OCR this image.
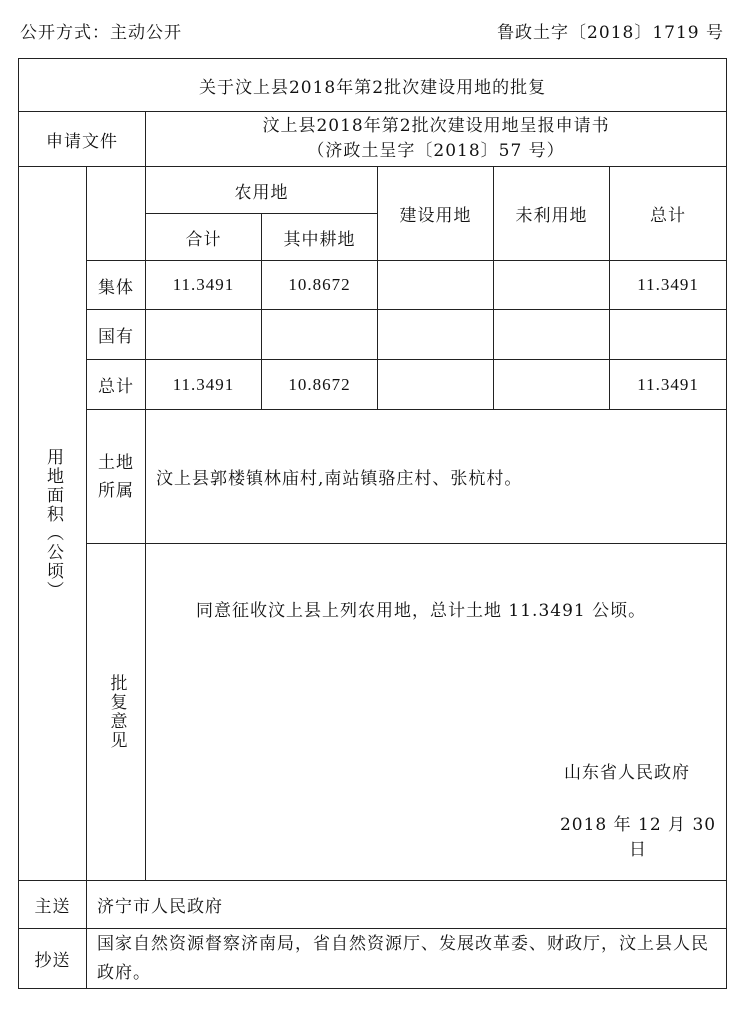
公开方式：主动公开	鲁政土字〔2018〕1719 号
关于汶上县2018年第2批次建设用地的批复						
申请文件		汶上县2018年第2批次建设用地呈报申请书
（济政土呈字〔2018〕57 号）				

用地面积（公顷）		农用地		建设用地	未利用地	总计
		合计	其中耕地			
	集体	11.3491	10.8672			11.3491
	国有					
	总计	11.3491	10.8672			11.3491

	土地
所属	汶上县郭楼镇林庙村,南站镇骆庄村、张杭村。				

	批复意见	同意征收汶上县上列农用地，总计土地 11.3491 公顷。
山东省人民政府
2018 年 12 月 30 日				

主送	济宁市人民政府					
抄送	国家自然资源督察济南局，省自然资源厅、发展改革委、财政厅，汶上县人民政府。					
